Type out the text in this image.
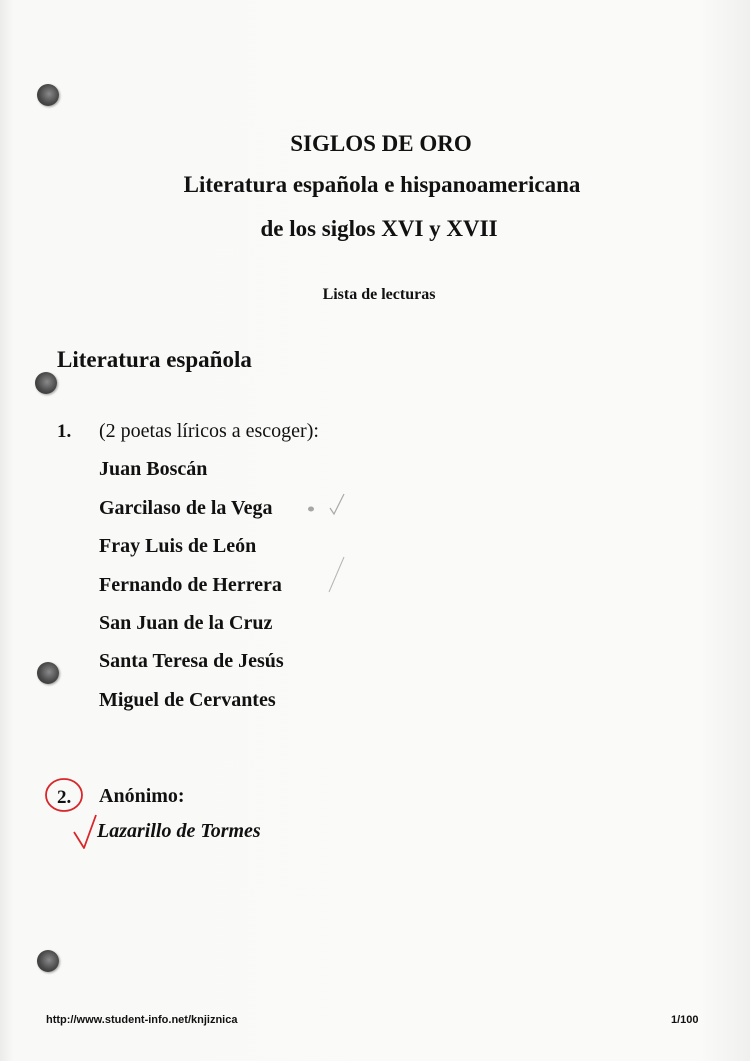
SIGLOS DE ORO
Literatura española e hispanoamericana
de los siglos XVI y XVII
Lista de lecturas
Literatura española
1. (2 poetas líricos a escoger):
Juan Boscán
Garcilaso de la Vega
Fray Luis de León
Fernando de Herrera
San Juan de la Cruz
Santa Teresa de Jesús
Miguel de Cervantes
2. Anónimo:
Lazarillo de Tormes
http://www.student-info.net/knjiznica	1/100
